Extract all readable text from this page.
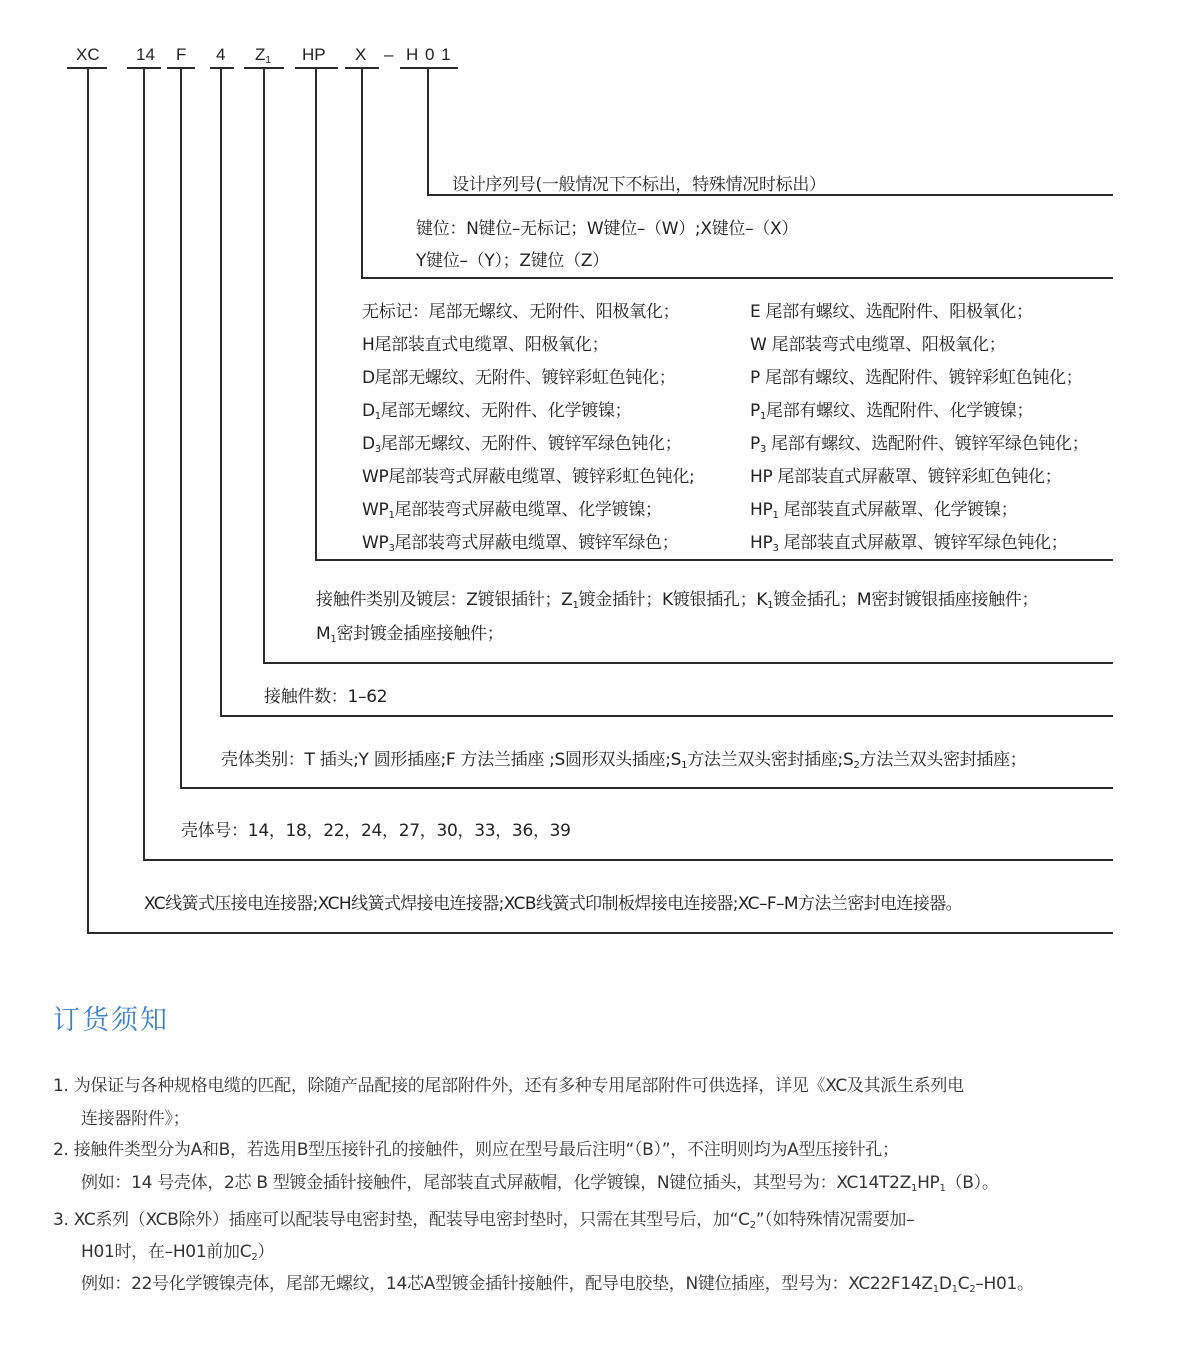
XC 14 F 4 $Z_1$ HP X – H 0 1
设计序列号(一般情况下不标出，特殊情况时标出）
键位：N键位–无标记；W键位–（W）;X键位–（X）
Y键位–（Y）；Z键位（Z）
无标记：尾部无螺纹、无附件、阳极氧化；
H尾部装直式电缆罩、阳极氧化；
D尾部无螺纹、无附件、镀锌彩虹色钝化；
$D_1$尾部无螺纹、无附件、化学镀镍；
$D_3$尾部无螺纹、无附件、镀锌军绿色钝化；
WP尾部装弯式屏蔽电缆罩、镀锌彩虹色钝化;
$WP_1$尾部装弯式屏蔽电缆罩、化学镀镍；
$WP_3$尾部装弯式屏蔽电缆罩、镀锌军绿色；
E 尾部有螺纹、选配附件、阳极氧化；
W 尾部装弯式电缆罩、阳极氧化；
P 尾部有螺纹、选配附件、镀锌彩虹色钝化；
$P_1$尾部有螺纹、选配附件、化学镀镍；
$P_3$ 尾部有螺纹、选配附件、镀锌军绿色钝化；
HP 尾部装直式屏蔽罩、镀锌彩虹色钝化；
$HP_1$ 尾部装直式屏蔽罩、化学镀镍；
$HP_3$ 尾部装直式屏蔽罩、镀锌军绿色钝化；
接触件类别及镀层：Z镀银插针；$Z_1$镀金插针；K镀银插孔；$K_1$镀金插孔；M密封镀银插座接触件；
$M_1$密封镀金插座接触件；
接触件数：1–62
壳体类别：T 插头;Y 圆形插座;F 方法兰插座 ;S圆形双头插座$;S_1$方法兰双头密封插座$;S_2$方法兰双头密封插座；
壳体号：14，18，22，24，27，30，33，36，39
XC线簧式压接电连接器;XCH线簧式焊接电连接器;XCB线簧式印制板焊接电连接器;XC–F–M方法兰密封电连接器。
订货须知
1. 为保证与各种规格电缆的匹配，除随产品配接的尾部附件外，还有多种专用尾部附件可供选择，详见《XC及其派生系列电
连接器附件》；
2. 接触件类型分为A和B，若选用B型压接针孔的接触件，则应在型号最后注明“（B）”，不注明则均为A型压接针孔；
例如：14 号壳体，2芯 B 型镀金插针接触件，尾部装直式屏蔽帽，化学镀镍，N键位插头，其型号为：$XC14T2Z_1HP_1(B)$。
3. XC系列（XCB除外）插座可以配装导电密封垫，配装导电密封垫时，只需在其型号后，加“$C_2$”（如特殊情况需要加–
H01时，在–H01前加$C_2$）
例如：22号化学镀镍壳体，尾部无螺纹，14芯A型镀金插针接触件，配导电胶垫，N键位插座，型号为：$XC22F14Z_1D_1C_2-H01$。
